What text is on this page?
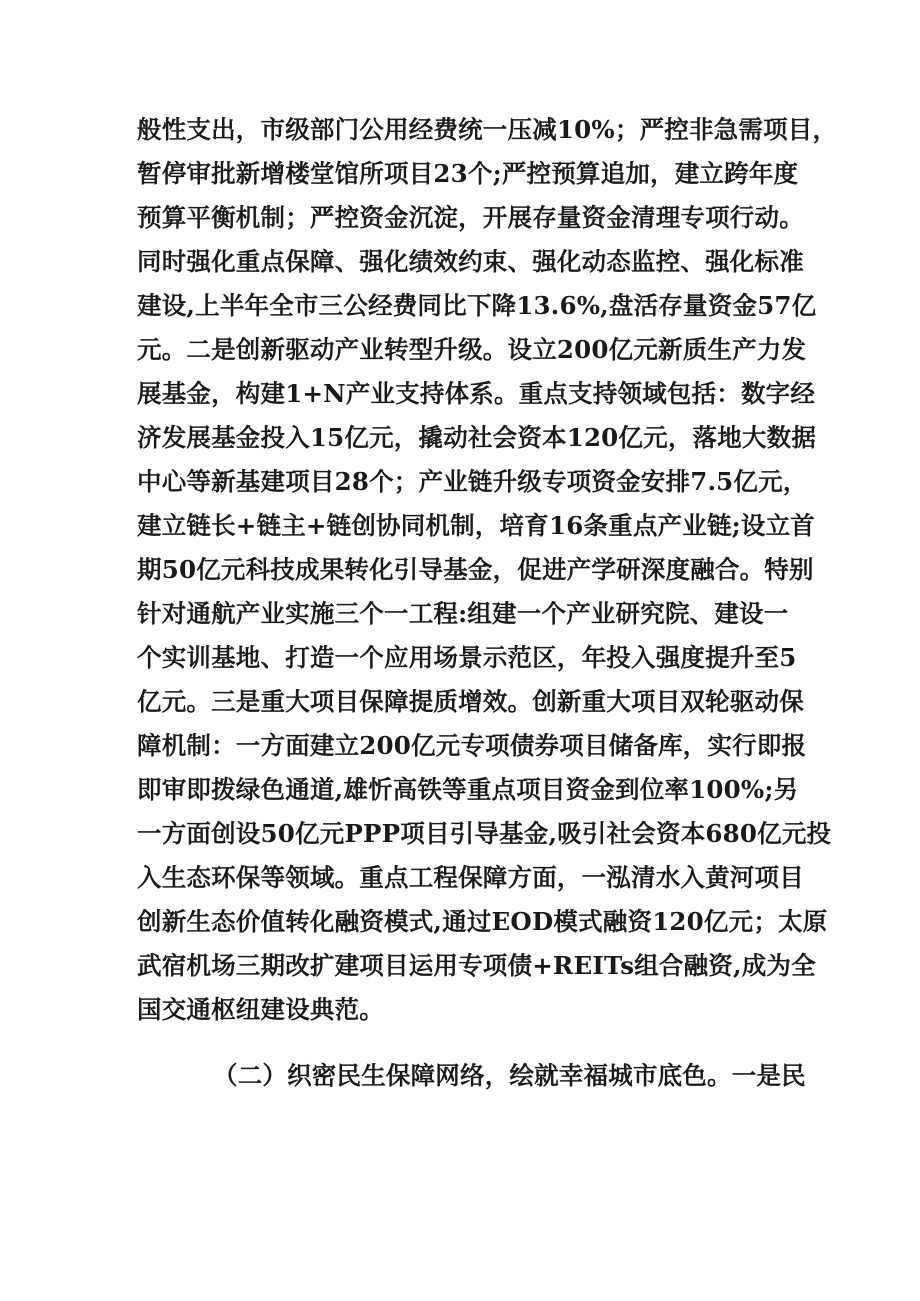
般性支出，市级部门公用经费统一压减10%；严控非急需项目，
暂停审批新增楼堂馆所项目23个;严控预算追加，建立跨年度
预算平衡机制；严控资金沉淀，开展存量资金清理专项行动。
同时强化重点保障、强化绩效约束、强化动态监控、强化标准
建设,上半年全市三公经费同比下降13.6%,盘活存量资金57亿
元。二是创新驱动产业转型升级。设立200亿元新质生产力发
展基金，构建1+N产业支持体系。重点支持领域包括：数字经
济发展基金投入15亿元，撬动社会资本120亿元，落地大数据
中心等新基建项目28个；产业链升级专项资金安排7.5亿元，
建立链长+链主+链创协同机制，培育16条重点产业链;设立首
期50亿元科技成果转化引导基金，促进产学研深度融合。特别
针对通航产业实施三个一工程:组建一个产业研究院、建设一
个实训基地、打造一个应用场景示范区，年投入强度提升至5
亿元。三是重大项目保障提质增效。创新重大项目双轮驱动保
障机制：一方面建立200亿元专项债券项目储备库，实行即报
即审即拨绿色通道,雄忻高铁等重点项目资金到位率100%;另
一方面创设50亿元PPP项目引导基金,吸引社会资本680亿元投
入生态环保等领域。重点工程保障方面，一泓清水入黄河项目
创新生态价值转化融资模式,通过EOD模式融资120亿元；太原
武宿机场三期改扩建项目运用专项债+REITs组合融资,成为全
国交通枢纽建设典范。
（二）织密民生保障网络，绘就幸福城市底色。一是民
